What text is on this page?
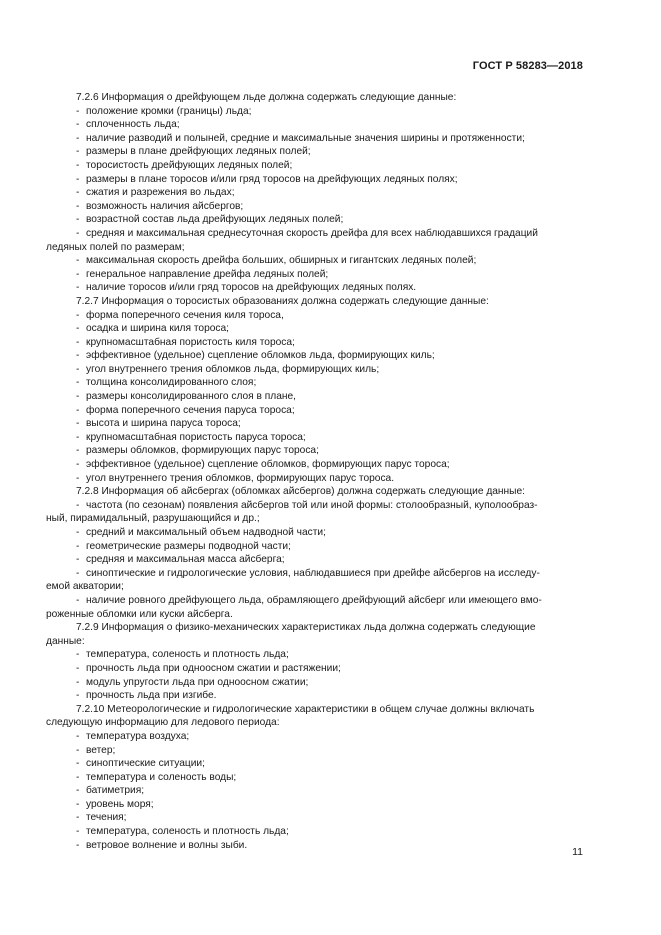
ГОСТ Р 58283—2018
7.2.6 Информация о дрейфующем льде должна содержать следующие данные:
- положение кромки (границы) льда;
- сплоченность льда;
- наличие разводий и полыней, средние и максимальные значения ширины и протяженности;
- размеры в плане дрейфующих ледяных полей;
- торосистость дрейфующих ледяных полей;
- размеры в плане торосов и/или гряд торосов на дрейфующих ледяных полях;
- сжатия и разрежения во льдах;
- возможность наличия айсбергов;
- возрастной состав льда дрейфующих ледяных полей;
- средняя и максимальная среднесуточная скорость дрейфа для всех наблюдавшихся градаций
ледяных полей по размерам;
- максимальная скорость дрейфа больших, обширных и гигантских ледяных полей;
- генеральное направление дрейфа ледяных полей;
- наличие торосов и/или гряд торосов на дрейфующих ледяных полях.
7.2.7 Информация о торосистых образованиях должна содержать следующие данные:
- форма поперечного сечения киля тороса,
- осадка и ширина киля тороса;
- крупномасштабная пористость киля тороса;
- эффективное (удельное) сцепление обломков льда, формирующих киль;
- угол внутреннего трения обломков льда, формирующих киль;
- толщина консолидированного слоя;
- размеры консолидированного слоя в плане,
- форма поперечного сечения паруса тороса;
- высота и ширина паруса тороса;
- крупномасштабная пористость паруса тороса;
- размеры обломков, формирующих парус тороса;
- эффективное (удельное) сцепление обломков, формирующих парус тороса;
- угол внутреннего трения обломков, формирующих парус тороса.
7.2.8 Информация об айсбергах (обломках айсбергов) должна содержать следующие данные:
- частота (по сезонам) появления айсбергов той или иной формы: столообразный, куполообраз-
ный, пирамидальный, разрушающийся и др.;
- средний и максимальный объем надводной части;
- геометрические размеры подводной части;
- средняя и максимальная масса айсберга;
- синоптические и гидрологические условия, наблюдавшиеся при дрейфе айсбергов на исследу-
емой акватории;
- наличие ровного дрейфующего льда, обрамляющего дрейфующий айсберг или имеющего вмо-
роженные обломки или куски айсберга.
7.2.9 Информация о физико-механических характеристиках льда должна содержать следующие
данные:
- температура, соленость и плотность льда;
- прочность льда при одноосном сжатии и растяжении;
- модуль упругости льда при одноосном сжатии;
- прочность льда при изгибе.
7.2.10 Метеорологические и гидрологические характеристики в общем случае должны включать
следующую информацию для ледового периода:
- температура воздуха;
- ветер;
- синоптические ситуации;
- температура и соленость воды;
- батиметрия;
- уровень моря;
- течения;
- температура, соленость и плотность льда;
- ветровое волнение и волны зыби.
11
